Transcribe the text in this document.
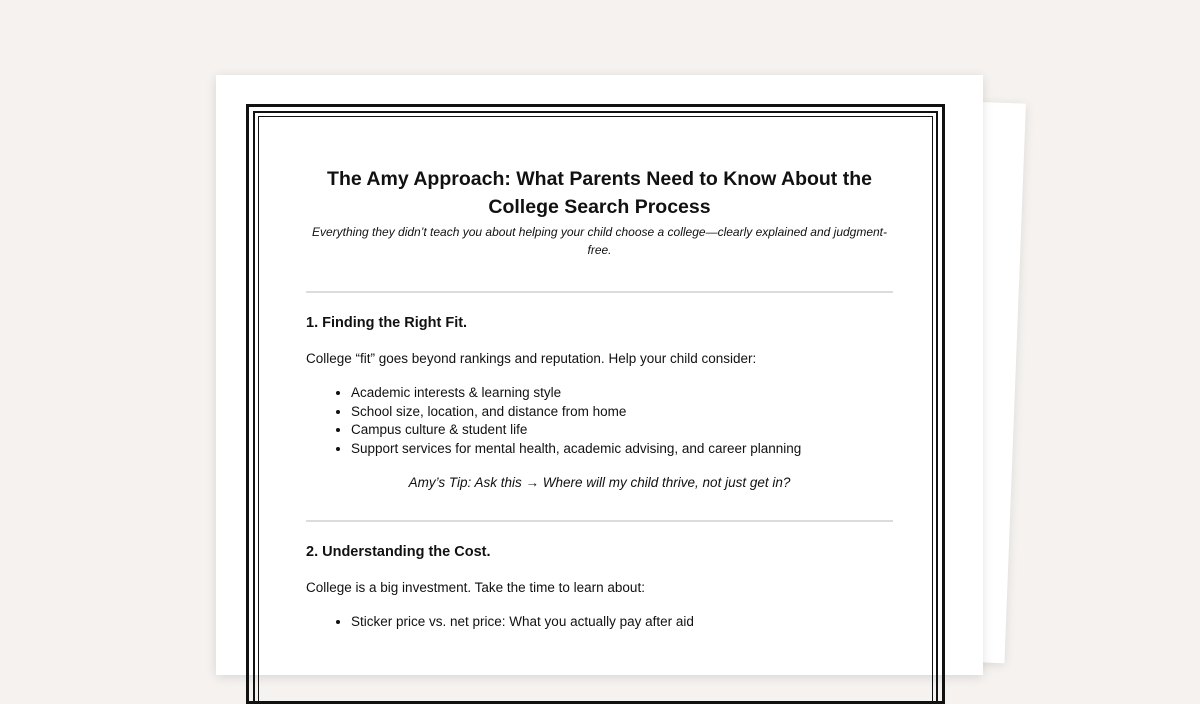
The Amy Approach: What Parents Need to Know About the College Search Process

Everything they didn’t teach you about helping your child choose a college—clearly explained and judgment-free.

1. Finding the Right Fit.

College “fit” goes beyond rankings and reputation. Help your child consider:

• Academic interests & learning style
• School size, location, and distance from home
• Campus culture & student life
• Support services for mental health, academic advising, and career planning

Amy’s Tip: Ask this → Where will my child thrive, not just get in?

2. Understanding the Cost.

College is a big investment. Take the time to learn about:

• Sticker price vs. net price: What you actually pay after aid
